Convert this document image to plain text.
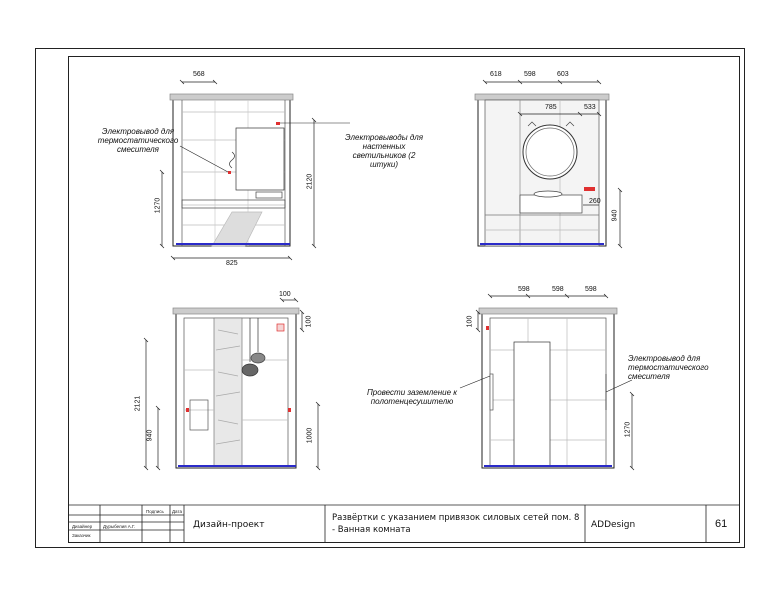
568
825
1270
2120
618	598	603
785	533
260
940
100
100
2121
940	1000
598	598	598
100
1270
Электровывод для термостатического смесителя
Электровыводы для настенных светильников (2 штуки)
Провести заземление к полотенцесушителю
Электровывод для термостатического смесителя
Подпись Дата
Дизайнер Дурыбелия А.Г.
Заказчик
Дизайн-проект
Развёртки с указанием привязок силовых сетей пом. 8 - Ванная комната	ADDesign	61
